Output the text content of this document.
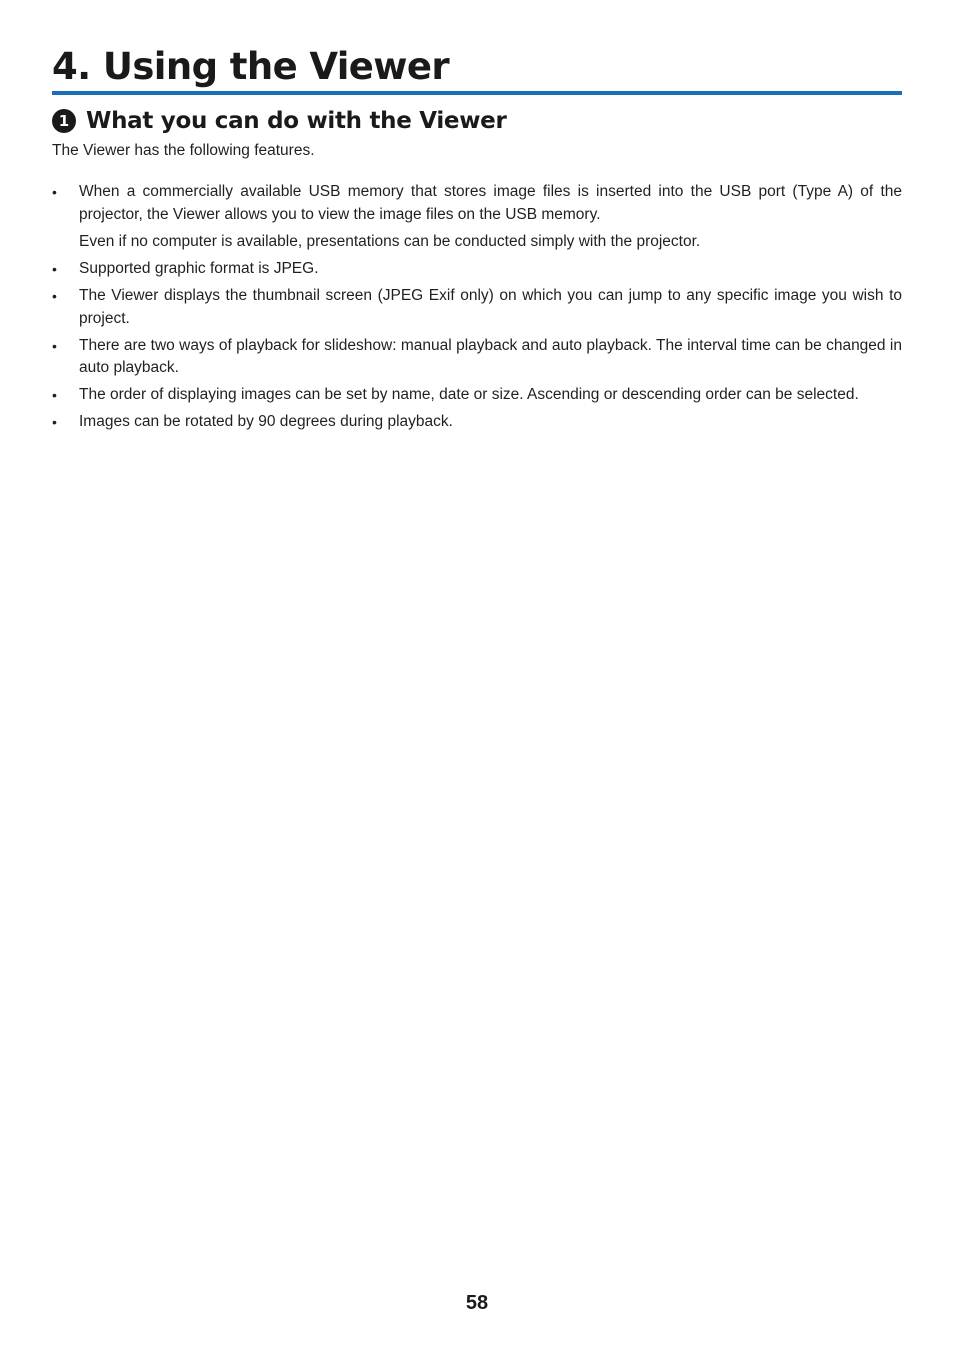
4. Using the Viewer
1 What you can do with the Viewer

The Viewer has the following features.

• When a commercially available USB memory that stores image files is inserted into the USB port (Type A) of the projector, the Viewer allows you to view the image files on the USB memory.
Even if no computer is available, presentations can be conducted simply with the projector.
• Supported graphic format is JPEG.
• The Viewer displays the thumbnail screen (JPEG Exif only) on which you can jump to any specific image you wish to project.
• There are two ways of playback for slideshow: manual playback and auto playback. The interval time can be changed in auto playback.
• The order of displaying images can be set by name, date or size. Ascending or descending order can be selected.
• Images can be rotated by 90 degrees during playback.
58
